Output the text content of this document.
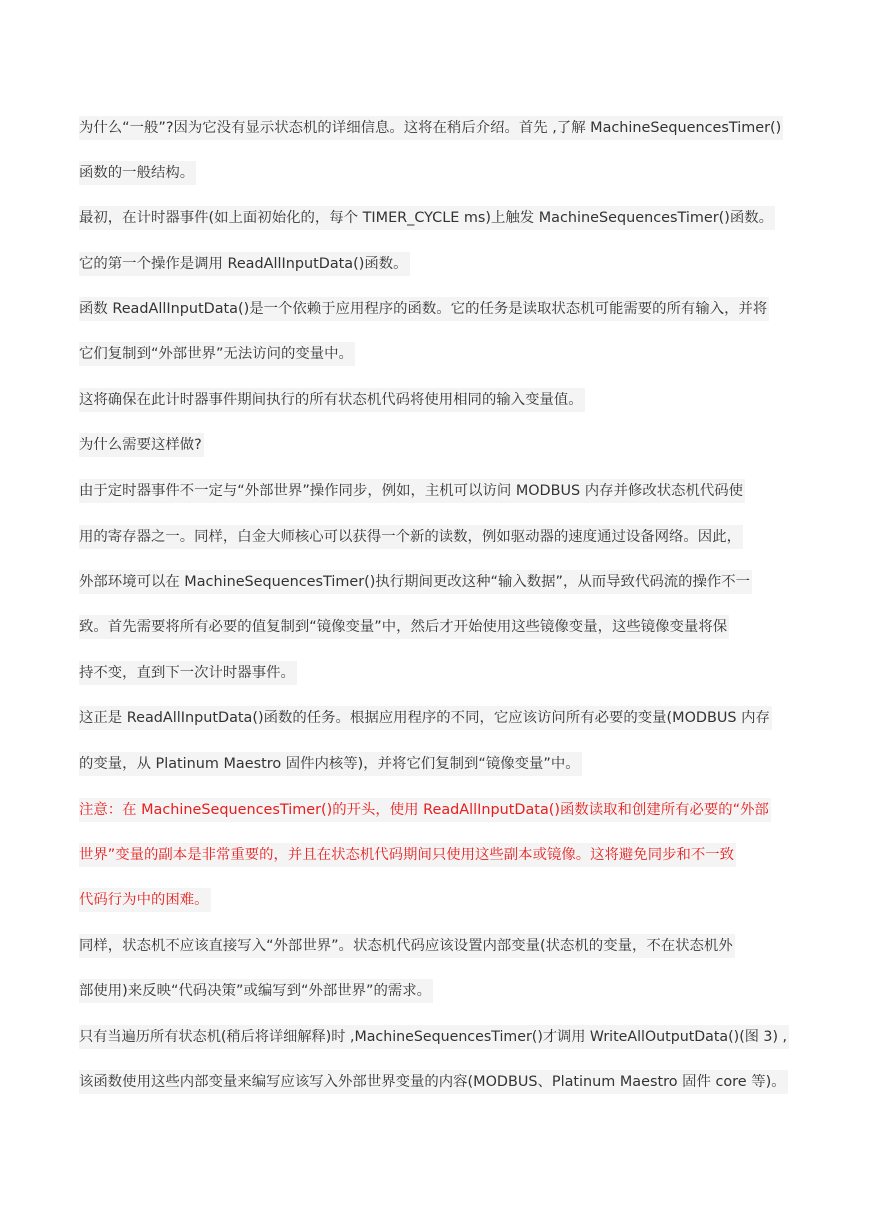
为什么“一般”?因为它没有显示状态机的详细信息。这将在稍后介绍。首先 ,了解 MachineSequencesTimer()
函数的一般结构。
最初，在计时器事件(如上面初始化的，每个 TIMER_CYCLE ms)上触发 MachineSequencesTimer()函数。
它的第一个操作是调用 ReadAllInputData()函数。
函数 ReadAllInputData()是一个依赖于应用程序的函数。它的任务是读取状态机可能需要的所有输入，并将
它们复制到“外部世界”无法访问的变量中。
这将确保在此计时器事件期间执行的所有状态机代码将使用相同的输入变量值。
为什么需要这样做?
由于定时器事件不一定与“外部世界”操作同步，例如，主机可以访问 MODBUS 内存并修改状态机代码使
用的寄存器之一。同样，白金大师核心可以获得一个新的读数，例如驱动器的速度通过设备网络。因此，
外部环境可以在 MachineSequencesTimer()执行期间更改这种“输入数据”，从而导致代码流的操作不一
致。首先需要将所有必要的值复制到“镜像变量”中，然后才开始使用这些镜像变量，这些镜像变量将保
持不变，直到下一次计时器事件。
这正是 ReadAllInputData()函数的任务。根据应用程序的不同，它应该访问所有必要的变量(MODBUS 内存
的变量，从 Platinum Maestro 固件内核等)，并将它们复制到“镜像变量”中。
注意：在 MachineSequencesTimer()的开头，使用 ReadAllInputData()函数读取和创建所有必要的“外部
世界”变量的副本是非常重要的，并且在状态机代码期间只使用这些副本或镜像。这将避免同步和不一致
代码行为中的困难。
同样，状态机不应该直接写入“外部世界”。状态机代码应该设置内部变量(状态机的变量，不在状态机外
部使用)来反映“代码决策”或编写到“外部世界”的需求。
只有当遍历所有状态机(稍后将详细解释)时 ,MachineSequencesTimer()才调用 WriteAllOutputData()(图 3) ,
该函数使用这些内部变量来编写应该写入外部世界变量的内容(MODBUS、Platinum Maestro 固件 core 等)。
